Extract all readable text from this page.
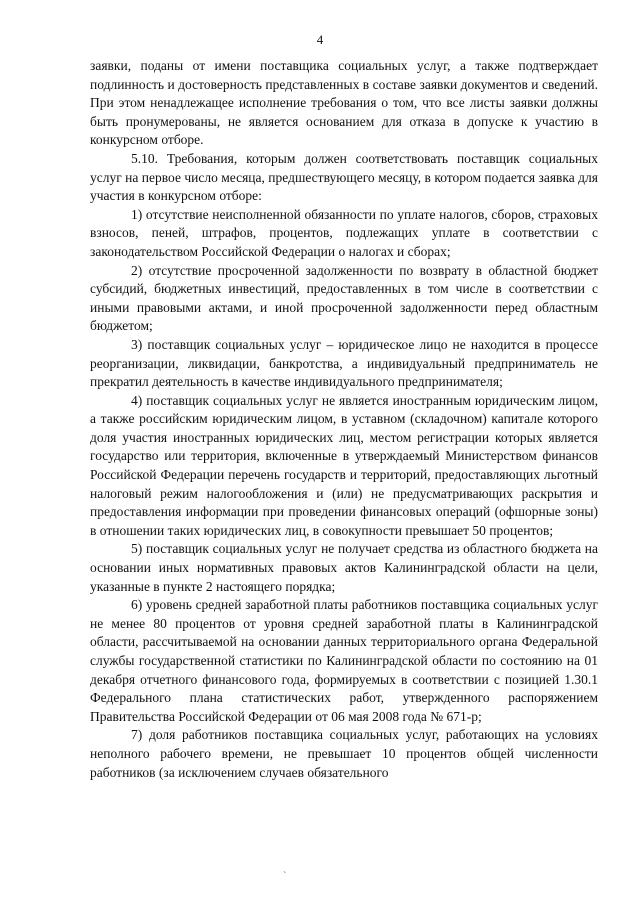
4

заявки, поданы от имени поставщика социальных услуг, а также подтверждает подлинность и достоверность представленных в составе заявки документов и сведений. При этом ненадлежащее исполнение требования о том, что все листы заявки должны быть пронумерованы, не является основанием для отказа в допуске к участию в конкурсном отборе.

5.10. Требования, которым должен соответствовать поставщик социальных услуг на первое число месяца, предшествующего месяцу, в котором подается заявка для участия в конкурсном отборе:

1) отсутствие неисполненной обязанности по уплате налогов, сборов, страховых взносов, пеней, штрафов, процентов, подлежащих уплате в соответствии с законодательством Российской Федерации о налогах и сборах;

2) отсутствие просроченной задолженности по возврату в областной бюджет субсидий, бюджетных инвестиций, предоставленных в том числе в соответствии с иными правовыми актами, и иной просроченной задолженности перед областным бюджетом;

3) поставщик социальных услуг – юридическое лицо не находится в процессе реорганизации, ликвидации, банкротства, а индивидуальный предприниматель не прекратил деятельность в качестве индивидуального предпринимателя;

4) поставщик социальных услуг не является иностранным юридическим лицом, а также российским юридическим лицом, в уставном (складочном) капитале которого доля участия иностранных юридических лиц, местом регистрации которых является государство или территория, включенные в утверждаемый Министерством финансов Российской Федерации перечень государств и территорий, предоставляющих льготный налоговый режим налогообложения и (или) не предусматривающих раскрытия и предоставления информации при проведении финансовых операций (офшорные зоны) в отношении таких юридических лиц, в совокупности превышает 50 процентов;

5) поставщик социальных услуг не получает средства из областного бюджета на основании иных нормативных правовых актов Калининградской области на цели, указанные в пункте 2 настоящего порядка;

6) уровень средней заработной платы работников поставщика социальных услуг не менее 80 процентов от уровня средней заработной платы в Калининградской области, рассчитываемой на основании данных территориального органа Федеральной службы государственной статистики по Калининградской области по состоянию на 01 декабря отчетного финансового года, формируемых в соответствии с позицией 1.30.1 Федерального плана статистических работ, утвержденного распоряжением Правительства Российской Федерации от 06 мая 2008 года № 671-р;

7) доля работников поставщика социальных услуг, работающих на условиях неполного рабочего времени, не превышает 10 процентов общей численности работников (за исключением случаев обязательного

`
